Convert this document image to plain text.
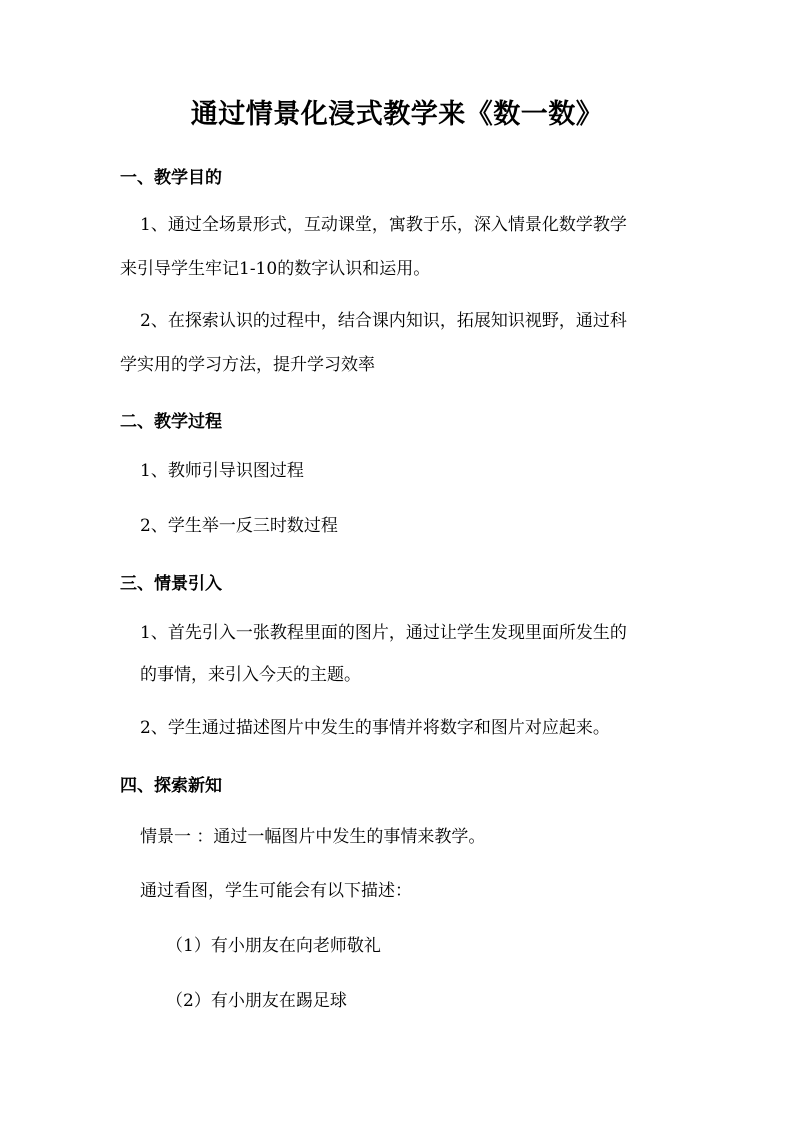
通过情景化浸式教学来《数一数》
一、教学目的
1、通过全场景形式，互动课堂，寓教于乐，深入情景化数学教学
来引导学生牢记1-10的数字认识和运用。
2、在探索认识的过程中，结合课内知识，拓展知识视野，通过科
学实用的学习方法，提升学习效率
二、教学过程
1、教师引导识图过程
2、学生举一反三时数过程
三、情景引入
1、首先引入一张教程里面的图片，通过让学生发现里面所发生的
的事情，来引入今天的主题。
2、学生通过描述图片中发生的事情并将数字和图片对应起来。
四、探索新知
情景一 ：通过一幅图片中发生的事情来教学。
通过看图，学生可能会有以下描述：
（1）有小朋友在向老师敬礼
（2）有小朋友在踢足球
